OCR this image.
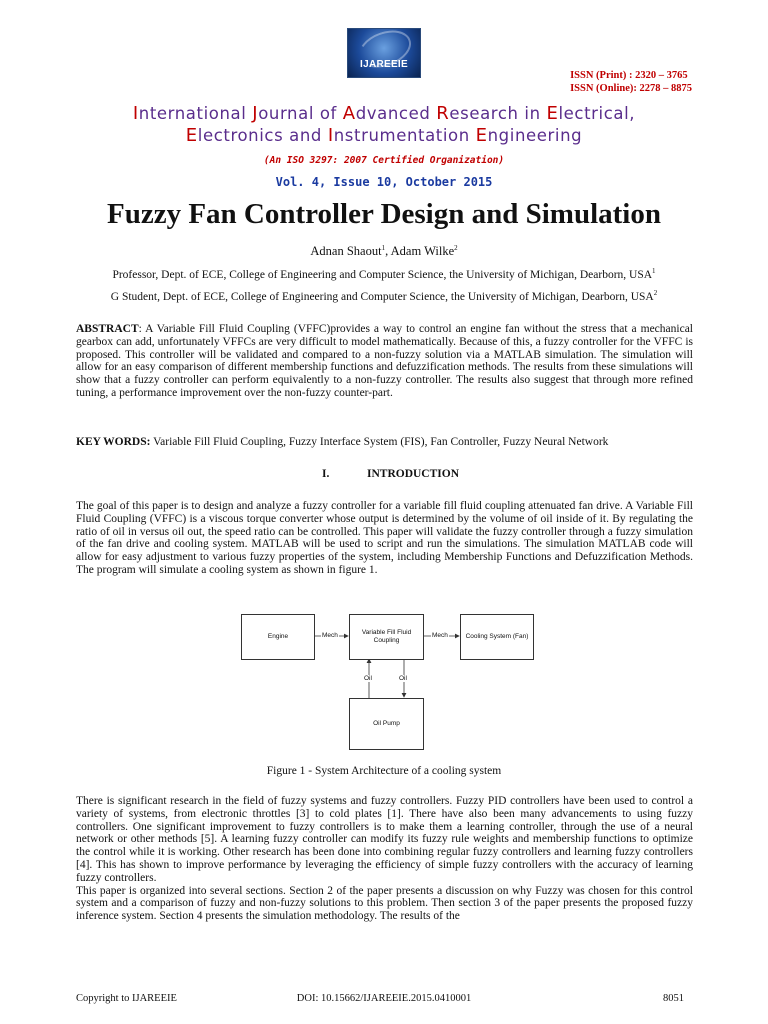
IJAREEIE
ISSN (Print) : 2320 – 3765
ISSN (Online): 2278 – 8875
International Journal of Advanced Research in Electrical,
Electronics and Instrumentation Engineering
(An ISO 3297: 2007 Certified Organization)
Vol. 4, Issue 10, October 2015
Fuzzy Fan Controller Design and Simulation
Adnan Shaout$^1$, Adam Wilke$^2$
Professor, Dept. of ECE, College of Engineering and Computer Science, the University of Michigan, Dearborn, USA$^1$
G Student, Dept. of ECE, College of Engineering and Computer Science, the University of Michigan, Dearborn, USA$^2$
ABSTRACT: A Variable Fill Fluid Coupling (VFFC)provides a way to control an engine fan without the stress that a mechanical gearbox can add, unfortunately VFFCs are very difficult to model mathematically. Because of this, a fuzzy controller for the VFFC is proposed. This controller will be validated and compared to a non-fuzzy solution via a MATLAB simulation. The simulation will allow for an easy comparison of different membership functions and defuzzification methods. The results from these simulations will show that a fuzzy controller can perform equivalently to a non-fuzzy controller. The results also suggest that through more refined tuning, a performance improvement over the non-fuzzy counter-part.
KEY WORDS: Variable Fill Fluid Coupling, Fuzzy Interface System (FIS), Fan Controller, Fuzzy Neural Network
I.	INTRODUCTION
The goal of this paper is to design and analyze a fuzzy controller for a variable fill fluid coupling attenuated fan drive. A Variable Fill Fluid Coupling (VFFC) is a viscous torque converter whose output is determined by the volume of oil inside of it. By regulating the ratio of oil in versus oil out, the speed ratio can be controlled. This paper will validate the fuzzy controller through a fuzzy simulation of the fan drive and cooling system. MATLAB will be used to script and run the simulations. The simulation MATLAB code will allow for easy adjustment to various fuzzy properties of the system, including Membership Functions and Defuzzification Methods. The program will simulate a cooling system as shown in figure 1.
Engine
Variable Fill Fluid Coupling
Cooling System (Fan)
Oil Pump
Mech	Mech
Oil	Oil
Figure 1 - System Architecture of a cooling system
There is significant research in the field of fuzzy systems and fuzzy controllers. Fuzzy PID controllers have been used to control a variety of systems, from electronic throttles [3] to cold plates [1]. There have also been many advancements to using fuzzy controllers. One significant improvement to fuzzy controllers is to make them a learning controller, through the use of a neural network or other methods [5]. A learning fuzzy controller can modify its fuzzy rule weights and membership functions to optimize the control while it is working. Other research has been done into combining regular fuzzy controllers and learning fuzzy controllers [4]. This has shown to improve performance by leveraging the efficiency of simple fuzzy controllers with the accuracy of learning fuzzy controllers.
This paper is organized into several sections. Section 2 of the paper presents a discussion on why Fuzzy was chosen for this control system and a comparison of fuzzy and non-fuzzy solutions to this problem. Then section 3 of the paper presents the proposed fuzzy inference system. Section 4 presents the simulation methodology. The results of the
Copyright to IJAREEIE	DOI: 10.15662/IJAREEIE.2015.0410001	8051
